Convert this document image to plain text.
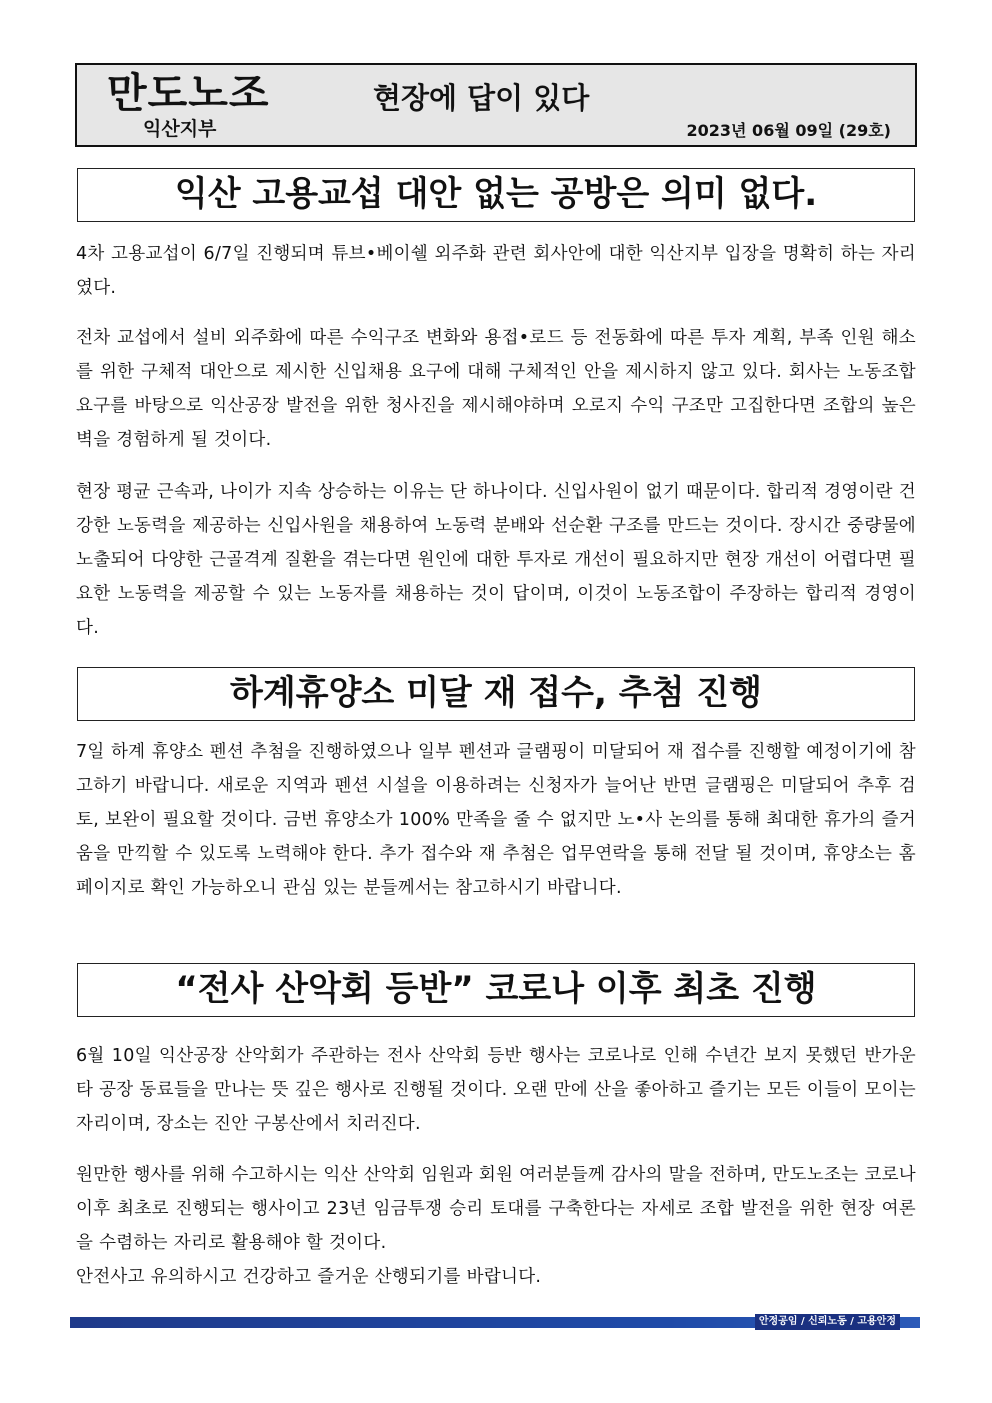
만도노조
익산지부
현장에 답이 있다
2023년 06월 09일 (29호)
익산 고용교섭 대안 없는 공방은 의미 없다.

4차 고용교섭이 6/7일 진행되며 튜브•베이쉘 외주화 관련 회사안에 대한 익산지부 입장을 명확히 하는 자리였다.

전차 교섭에서 설비 외주화에 따른 수익구조 변화와 용접•로드 등 전동화에 따른 투자 계획, 부족 인원 해소를 위한 구체적 대안으로 제시한 신입채용 요구에 대해 구체적인 안을 제시하지 않고 있다. 회사는 노동조합 요구를 바탕으로 익산공장 발전을 위한 청사진을 제시해야하며 오로지 수익 구조만 고집한다면 조합의 높은 벽을 경험하게 될 것이다.

현장 평균 근속과, 나이가 지속 상승하는 이유는 단 하나이다. 신입사원이 없기 때문이다. 합리적 경영이란 건강한 노동력을 제공하는 신입사원을 채용하여 노동력 분배와 선순환 구조를 만드는 것이다. 장시간 중량물에 노출되어 다양한 근골격계 질환을 겪는다면 원인에 대한 투자로 개선이 필요하지만 현장 개선이 어렵다면 필요한 노동력을 제공할 수 있는 노동자를 채용하는 것이 답이며, 이것이 노동조합이 주장하는 합리적 경영이다.

하계휴양소 미달 재 접수, 추첨 진행

7일 하계 휴양소 펜션 추첨을 진행하였으나 일부 펜션과 글램핑이 미달되어 재 접수를 진행할 예정이기에 참고하기 바랍니다. 새로운 지역과 펜션 시설을 이용하려는 신청자가 늘어난 반면 글램핑은 미달되어 추후 검토, 보완이 필요할 것이다. 금번 휴양소가 100% 만족을 줄 수 없지만 노•사 논의를 통해 최대한 휴가의 즐거움을 만끽할 수 있도록 노력해야 한다. 추가 접수와 재 추첨은 업무연락을 통해 전달 될 것이며, 휴양소는 홈페이지로 확인 가능하오니 관심 있는 분들께서는 참고하시기 바랍니다.

“전사 산악회 등반” 코로나 이후 최초 진행

6월 10일 익산공장 산악회가 주관하는 전사 산악회 등반 행사는 코로나로 인해 수년간 보지 못했던 반가운 타 공장 동료들을 만나는 뜻 깊은 행사로 진행될 것이다. 오랜 만에 산을 좋아하고 즐기는 모든 이들이 모이는 자리이며, 장소는 진안 구봉산에서 치러진다.

원만한 행사를 위해 수고하시는 익산 산악회 임원과 회원 여러분들께 감사의 말을 전하며, 만도노조는 코로나 이후 최초로 진행되는 행사이고 23년 임금투쟁 승리 토대를 구축한다는 자세로 조합 발전을 위한 현장 여론을 수렴하는 자리로 활용해야 할 것이다.

안전사고 유의하시고 건강하고 즐거운 산행되기를 바랍니다.

안정공임 / 신뢰노동 / 고용안정
